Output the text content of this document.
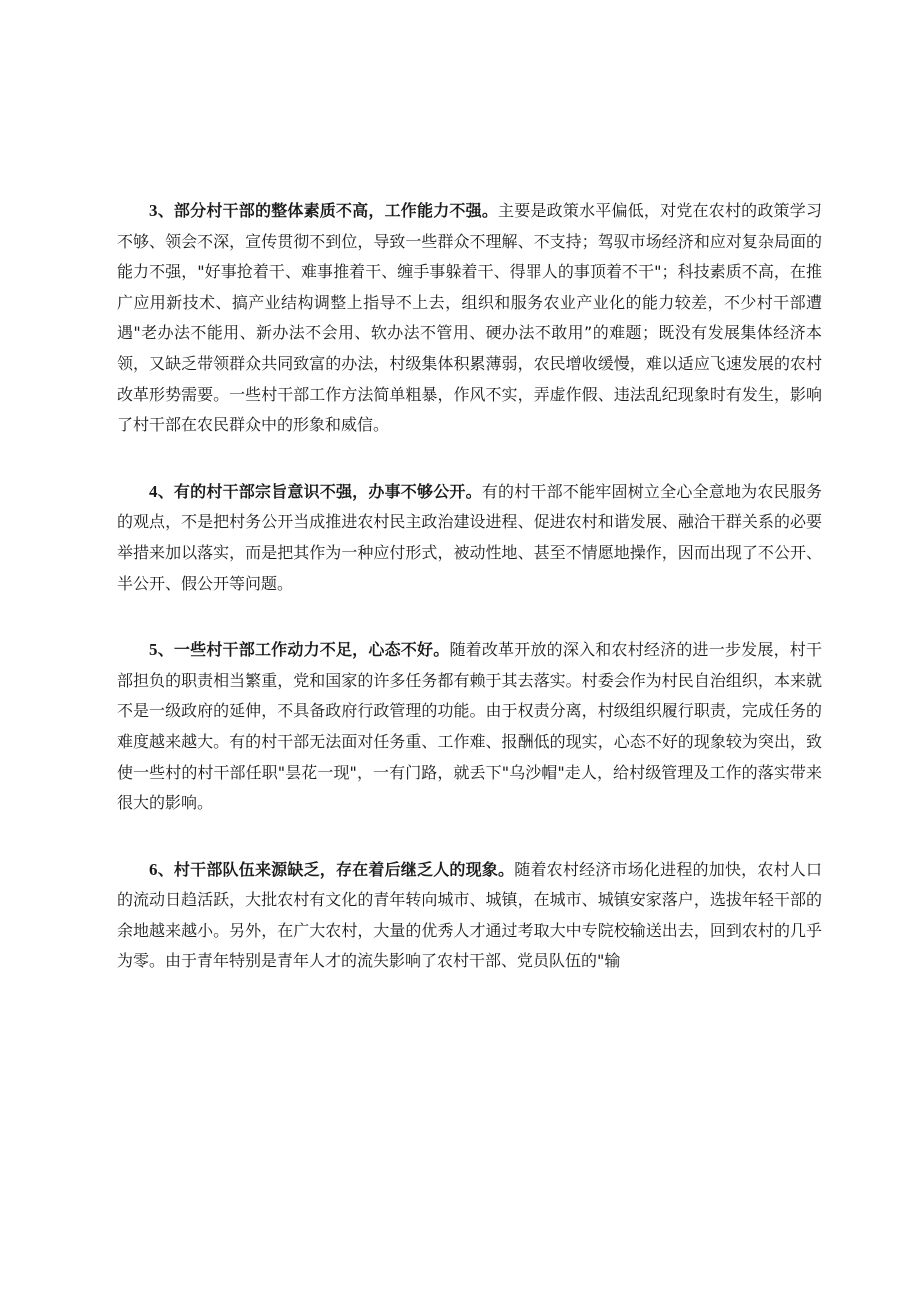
3、部分村干部的整体素质不高，工作能力不强。主要是政策水平偏低，对党在农村的政策学习不够、领会不深，宣传贯彻不到位，导致一些群众不理解、不支持；驾驭市场经济和应对复杂局面的能力不强，"好事抢着干、难事推着干、缠手事躲着干、得罪人的事顶着不干"；科技素质不高，在推广应用新技术、搞产业结构调整上指导不上去，组织和服务农业产业化的能力较差，不少村干部遭遇"老办法不能用、新办法不会用、软办法不管用、硬办法不敢用”的难题；既没有发展集体经济本领，又缺乏带领群众共同致富的办法，村级集体积累薄弱，农民增收缓慢，难以适应飞速发展的农村改革形势需要。一些村干部工作方法简单粗暴，作风不实，弄虚作假、违法乱纪现象时有发生，影响了村干部在农民群众中的形象和威信。

4、有的村干部宗旨意识不强，办事不够公开。有的村干部不能牢固树立全心全意地为农民服务的观点，不是把村务公开当成推进农村民主政治建设进程、促进农村和谐发展、融洽干群关系的必要举措来加以落实，而是把其作为一种应付形式，被动性地、甚至不情愿地操作，因而出现了不公开、半公开、假公开等问题。

5、一些村干部工作动力不足，心态不好。随着改革开放的深入和农村经济的进一步发展，村干部担负的职责相当繁重，党和国家的许多任务都有赖于其去落实。村委会作为村民自治组织，本来就不是一级政府的延伸，不具备政府行政管理的功能。由于权责分离，村级组织履行职责，完成任务的难度越来越大。有的村干部无法面对任务重、工作难、报酬低的现实，心态不好的现象较为突出，致使一些村的村干部任职"昙花一现"，一有门路，就丢下"乌沙帽"走人，给村级管理及工作的落实带来很大的影响。

6、村干部队伍来源缺乏，存在着后继乏人的现象。随着农村经济市场化进程的加快，农村人口的流动日趋活跃，大批农村有文化的青年转向城市、城镇，在城市、城镇安家落户，选拔年轻干部的余地越来越小。另外，在广大农村，大量的优秀人才通过考取大中专院校输送出去，回到农村的几乎为零。由于青年特别是青年人才的流失影响了农村干部、党员队伍的"输
